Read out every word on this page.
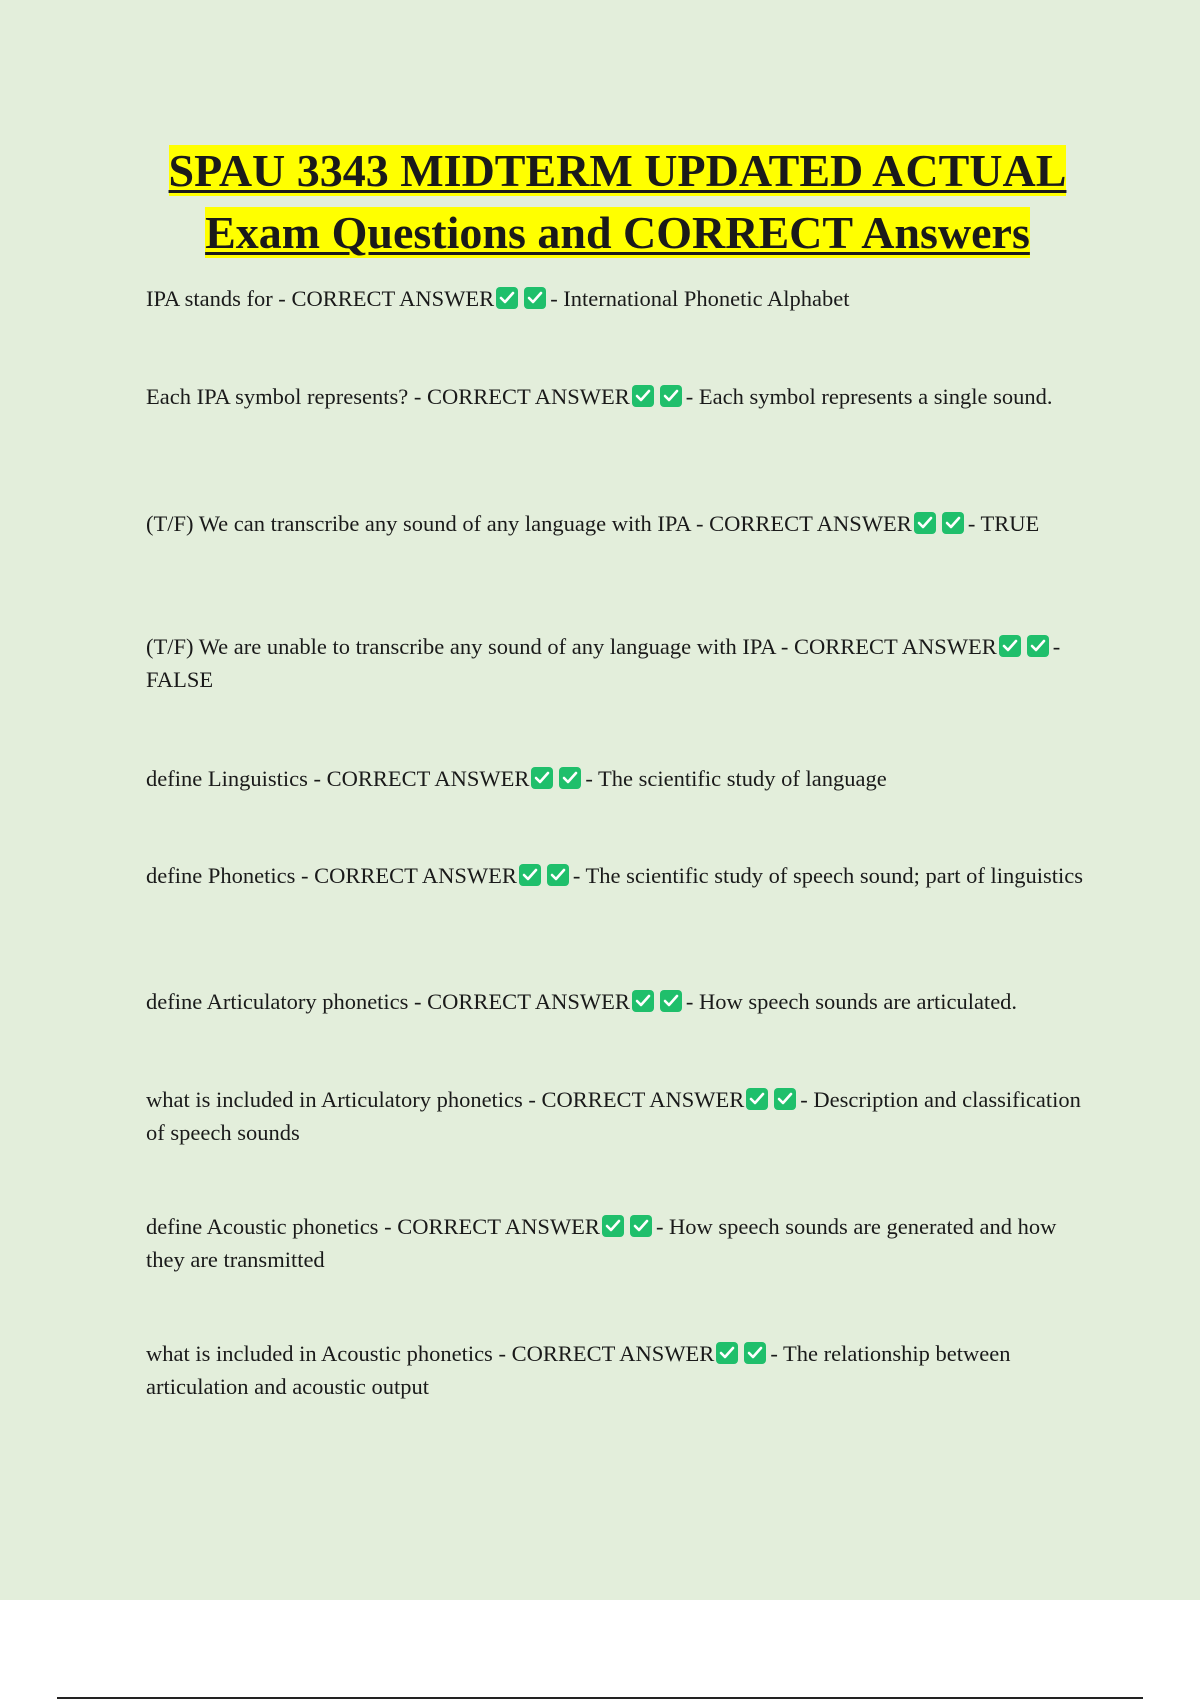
SPAU 3343 MIDTERM UPDATED ACTUAL
Exam Questions and CORRECT Answers
IPA stands for - CORRECT ANSWER - International Phonetic Alphabet
Each IPA symbol represents? - CORRECT ANSWER - Each symbol represents a single sound.
(T/F) We can transcribe any sound of any language with IPA - CORRECT ANSWER - TRUE
(T/F) We are unable to transcribe any sound of any language with IPA - CORRECT ANSWER - FALSE
define Linguistics - CORRECT ANSWER - The scientific study of language
define Phonetics - CORRECT ANSWER - The scientific study of speech sound; part of linguistics
define Articulatory phonetics - CORRECT ANSWER - How speech sounds are articulated.
what is included in Articulatory phonetics - CORRECT ANSWER - Description and classification of speech sounds
define Acoustic phonetics - CORRECT ANSWER - How speech sounds are generated and how they are transmitted
what is included in Acoustic phonetics - CORRECT ANSWER - The relationship between articulation and acoustic output
